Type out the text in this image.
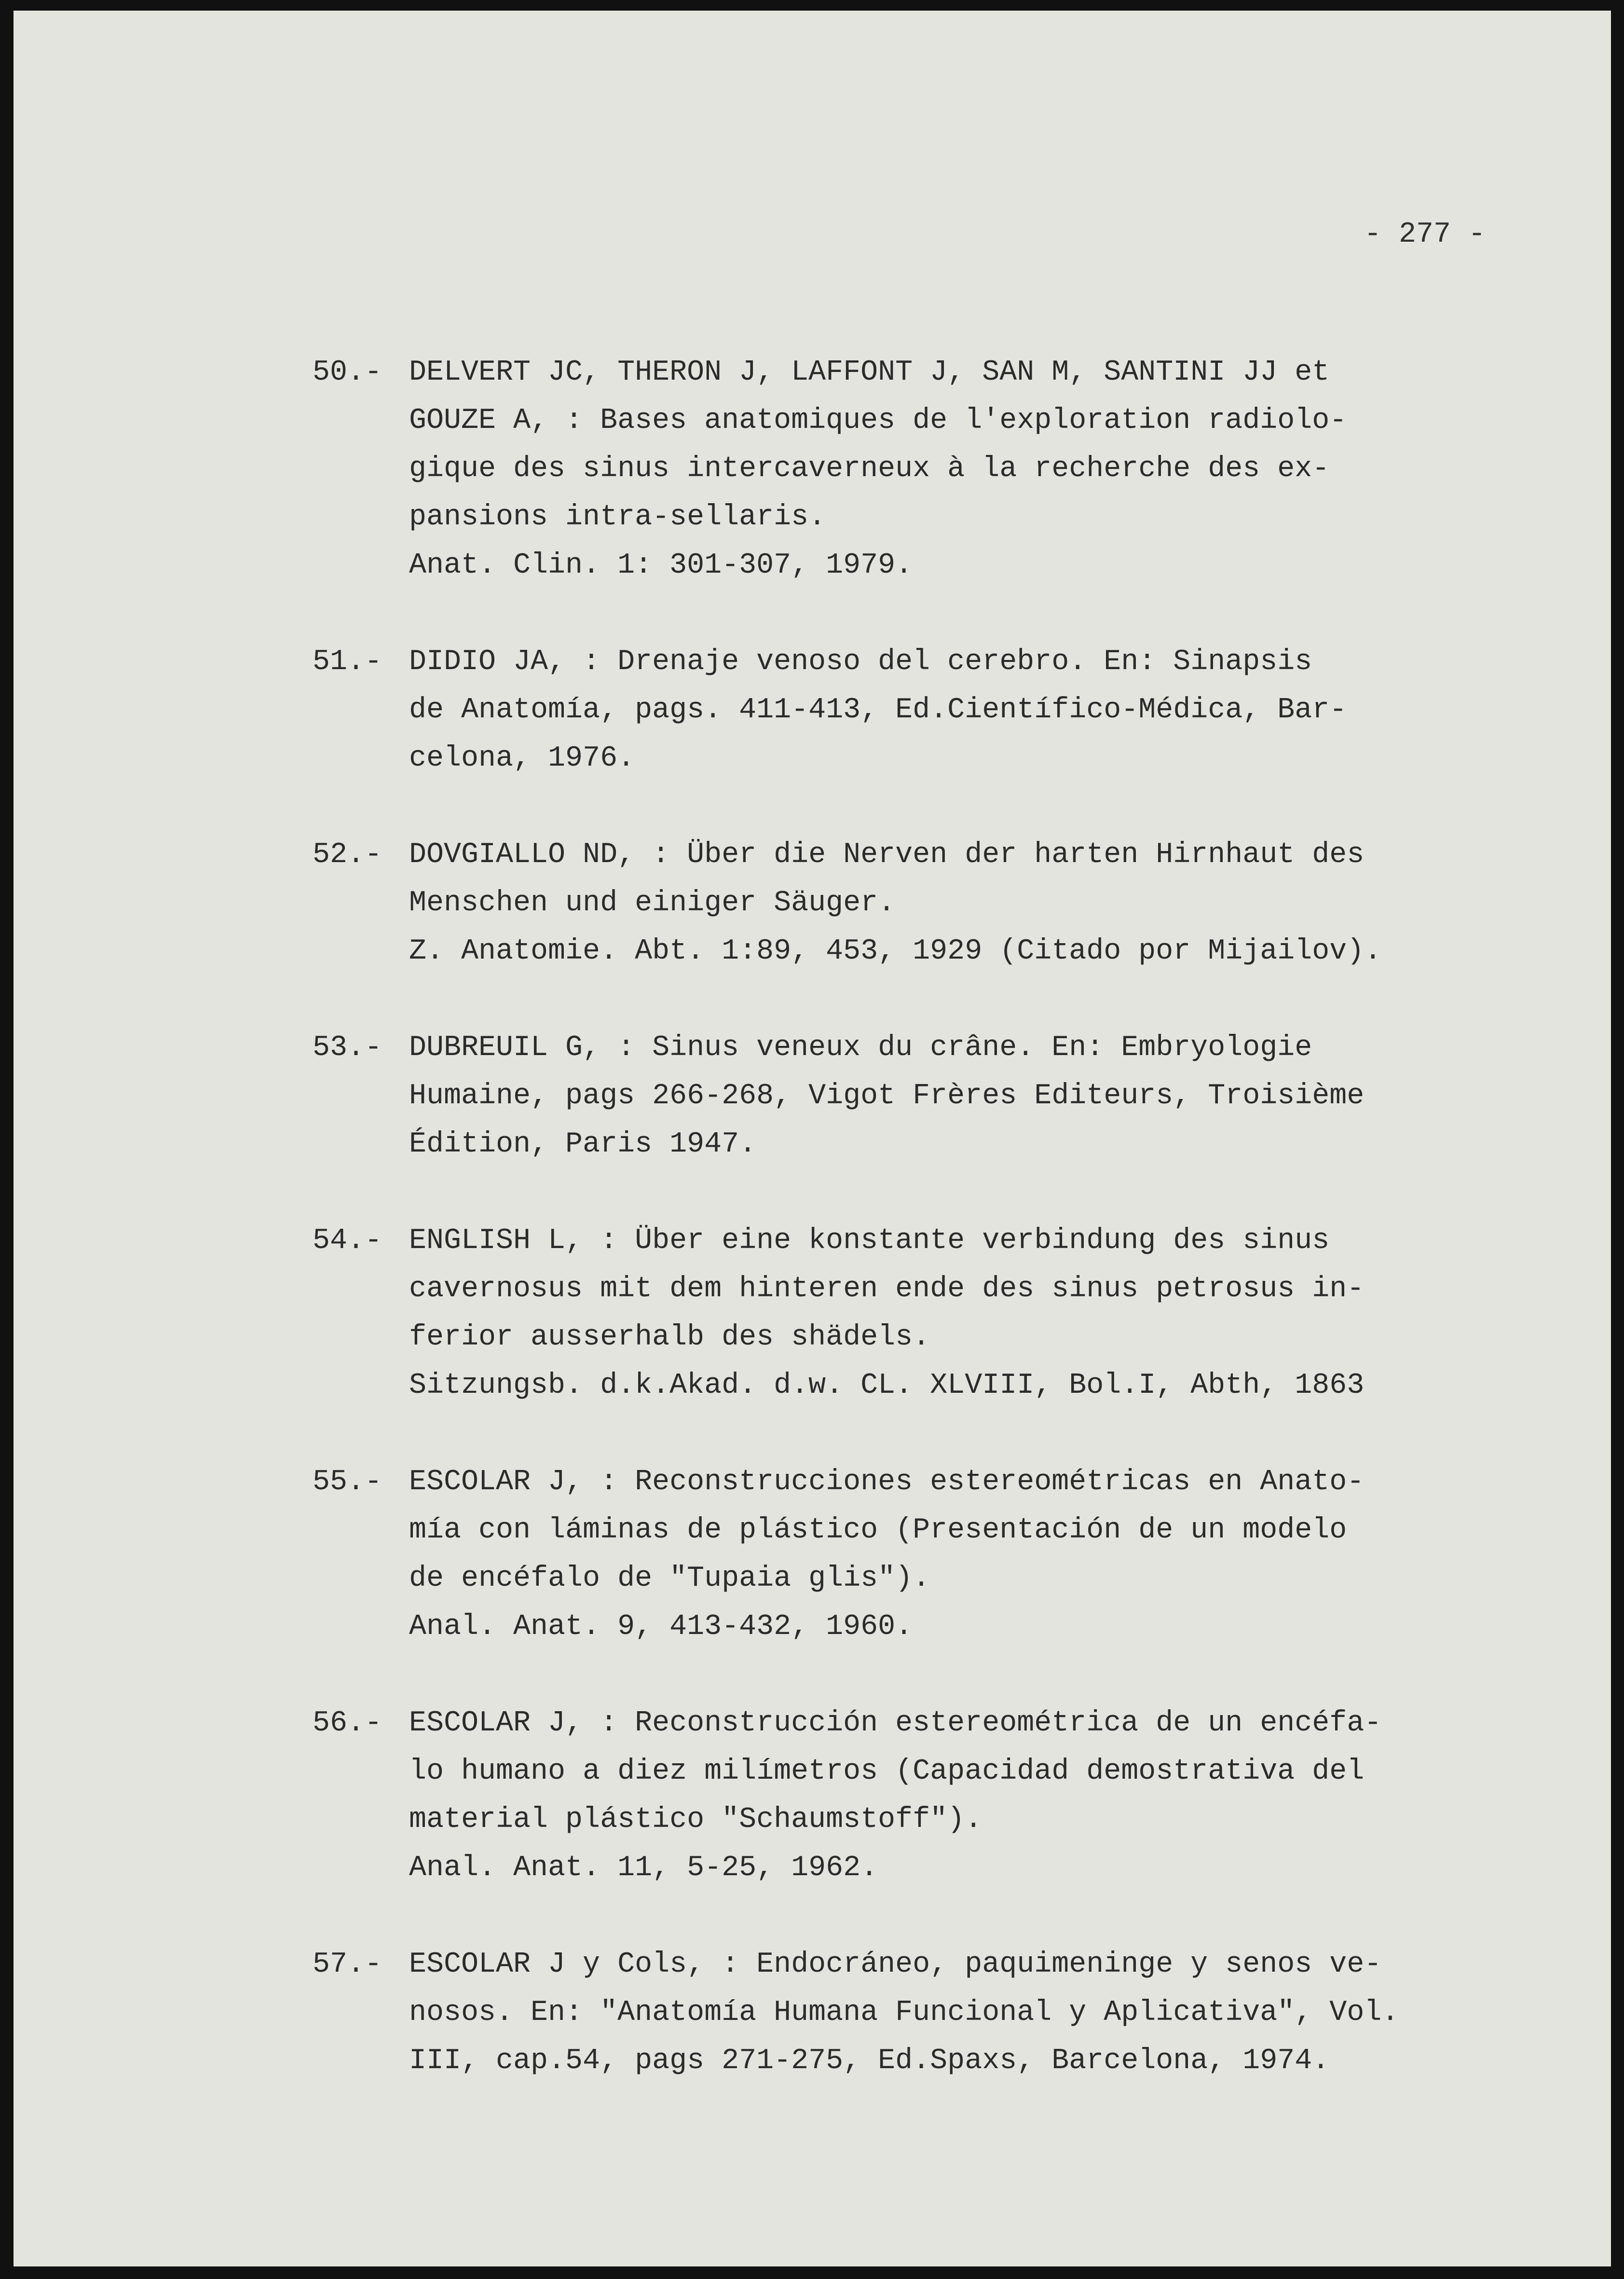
- 277 -
50.- DELVERT JC, THERON J, LAFFONT J, SAN M, SANTINI JJ et
GOUZE A, : Bases anatomiques de l'exploration radiolo-
gique des sinus intercaverneux à la recherche des ex-
pansions intra-sellaris.
Anat. Clin. 1: 301-307, 1979.
51.- DIDIO JA, : Drenaje venoso del cerebro. En: Sinapsis
de Anatomía, pags. 411-413, Ed.Científico-Médica, Bar-
celona, 1976.
52.- DOVGIALLO ND, : Über die Nerven der harten Hirnhaut des
Menschen und einiger Säuger.
Z. Anatomie. Abt. 1:89, 453, 1929 (Citado por Mijailov).
53.- DUBREUIL G, : Sinus veneux du crâne. En: Embryologie
Humaine, pags 266-268, Vigot Frères Editeurs, Troisième
Édition, Paris 1947.
54.- ENGLISH L, : Über eine konstante verbindung des sinus
cavernosus mit dem hinteren ende des sinus petrosus in-
ferior ausserhalb des shädels.
Sitzungsb. d.k.Akad. d.w. CL. XLVIII, Bol.I, Abth, 1863
55.- ESCOLAR J, : Reconstrucciones estereométricas en Anato-
mía con láminas de plástico (Presentación de un modelo
de encéfalo de "Tupaia glis").
Anal. Anat. 9, 413-432, 1960.
56.- ESCOLAR J, : Reconstrucción estereométrica de un encéfa-
lo humano a diez milímetros (Capacidad demostrativa del
material plástico "Schaumstoff").
Anal. Anat. 11, 5-25, 1962.
57.- ESCOLAR J y Cols, : Endocráneo, paquimeninge y senos ve-
nosos. En: "Anatomía Humana Funcional y Aplicativa", Vol.
III, cap.54, pags 271-275, Ed.Spaxs, Barcelona, 1974.
